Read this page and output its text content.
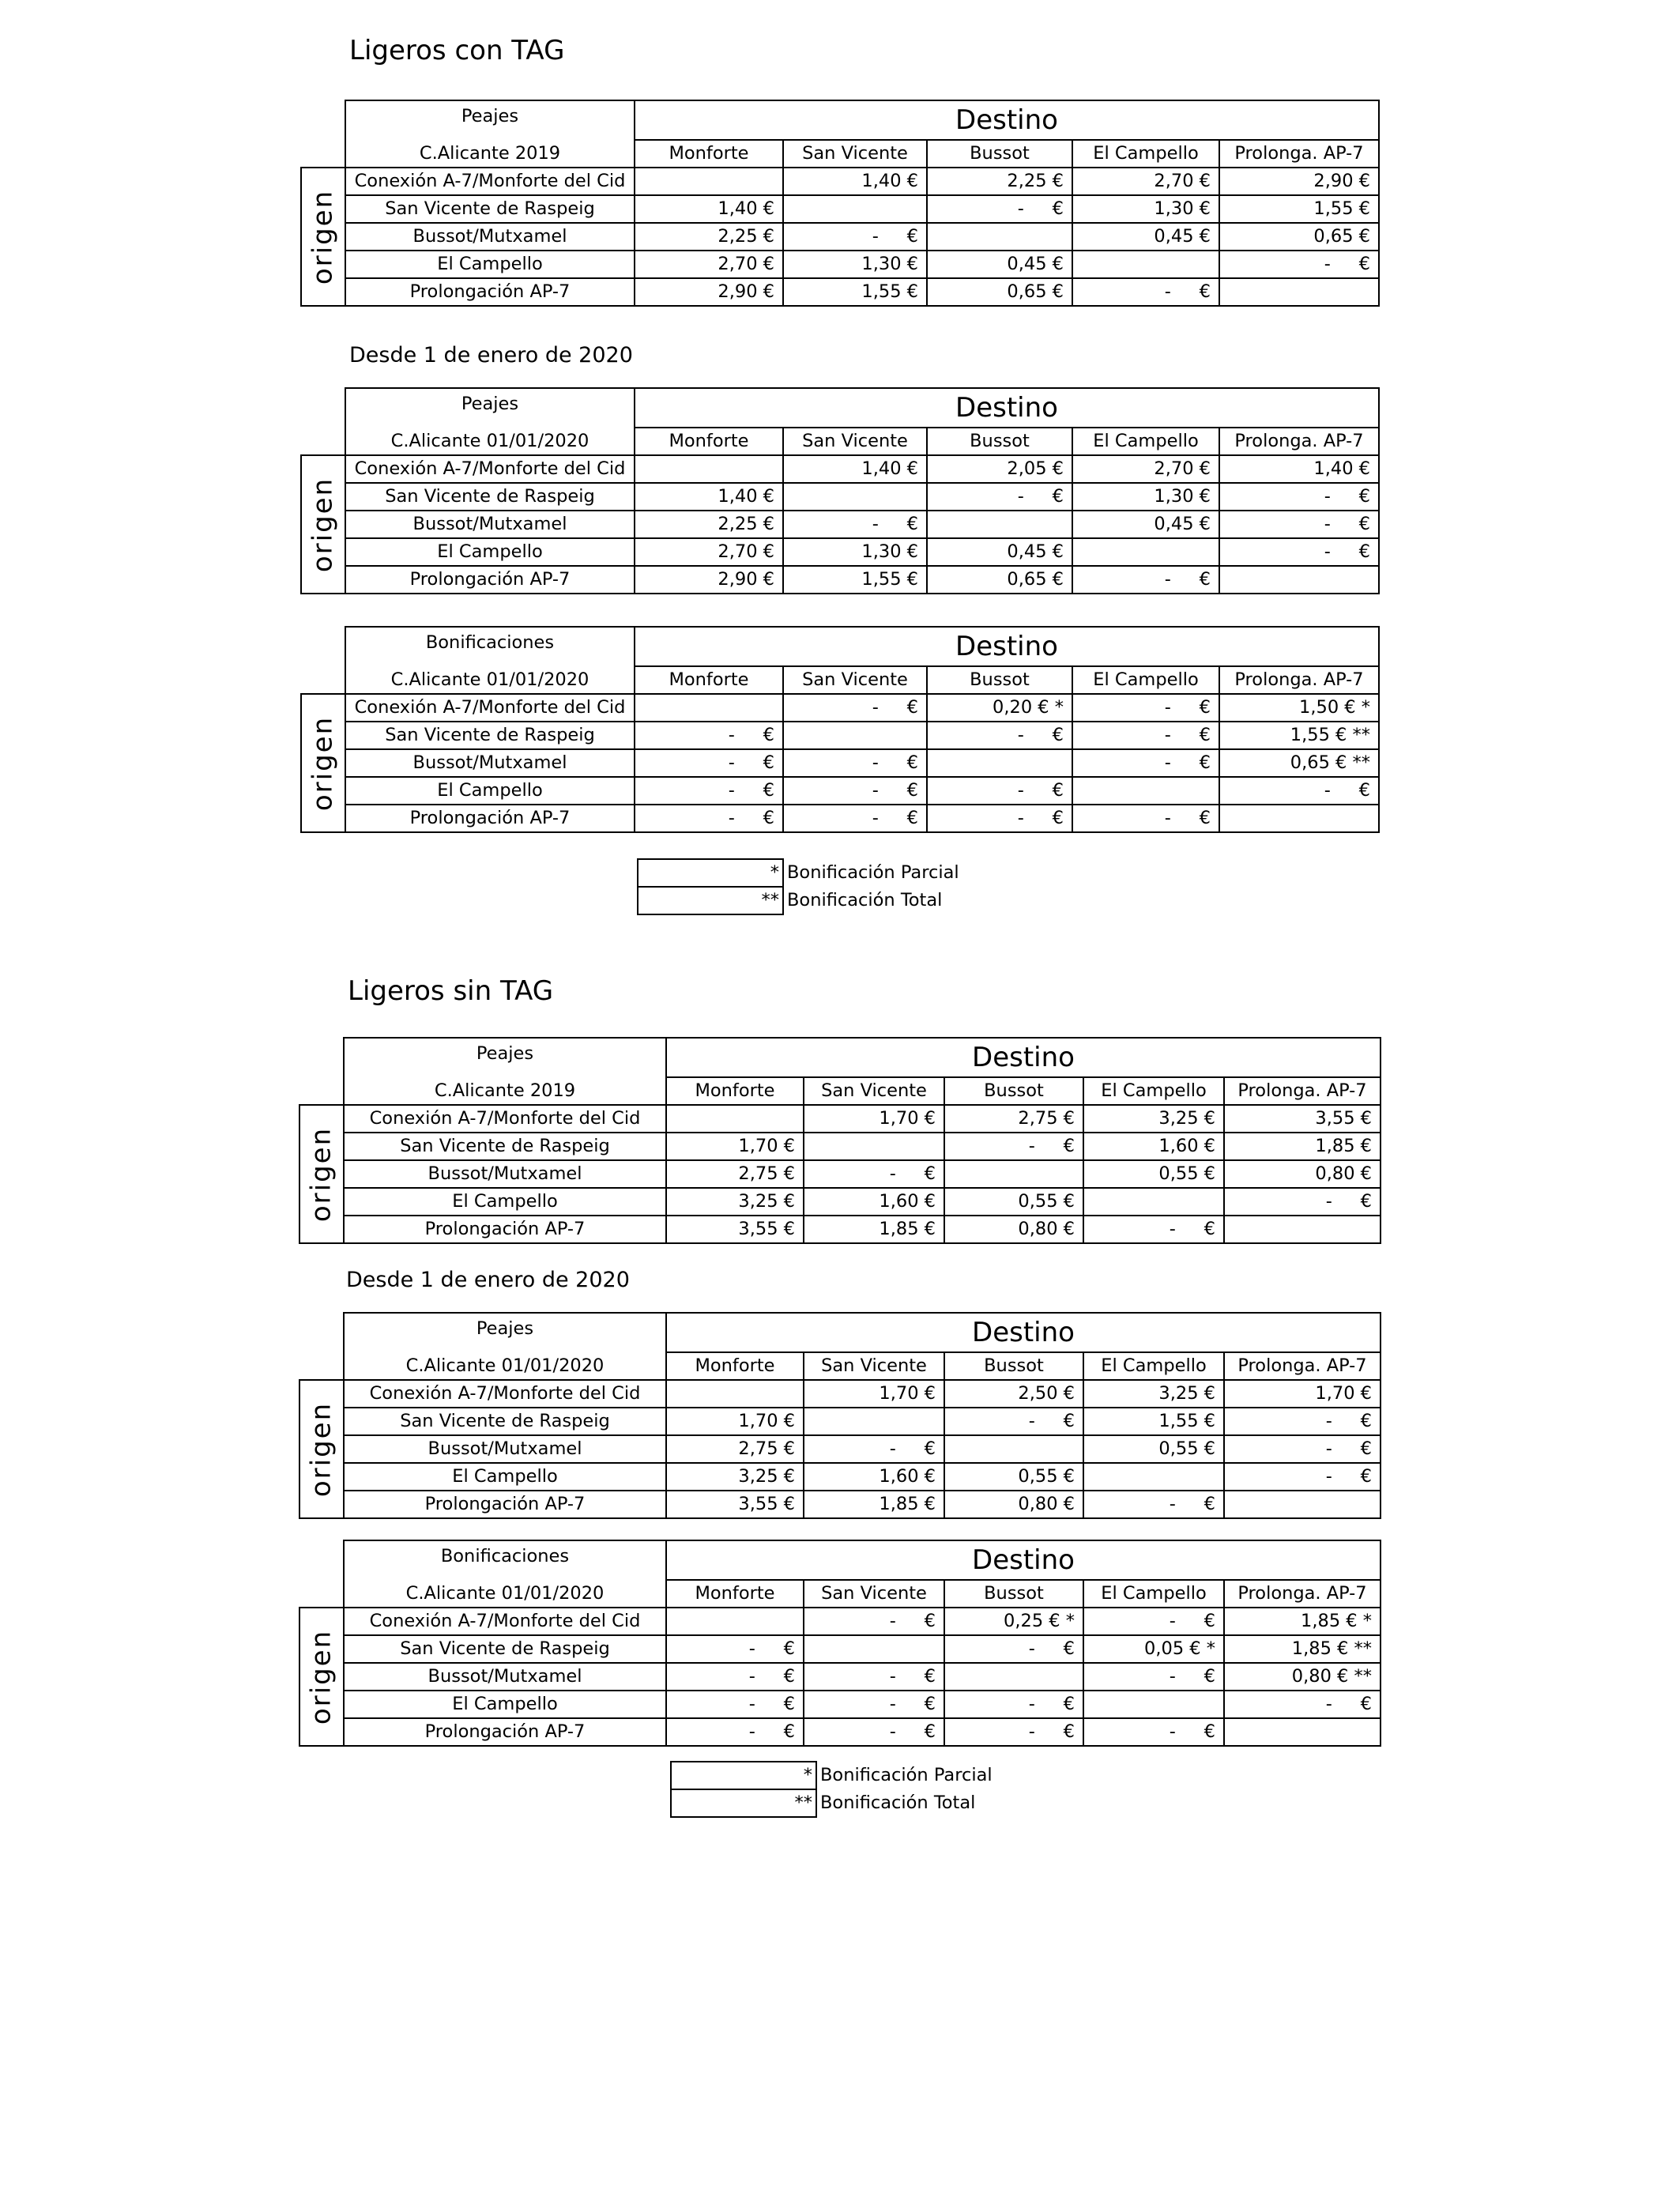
Ligeros con TAG
	Peajes	Destino				
	C.Alicante 2019	Monforte	San Vicente	Bussot	El Campello	Prolonga. AP-7

origen	Conexión A-7/Monforte del Cid		1,40 €	2,25 €	2,70 €	2,90 €
	San Vicente de Raspeig	1,40 €		-     €	1,30 €	1,55 €
	Bussot/Mutxamel	2,25 €	-     €		0,45 €	0,65 €
	El Campello	2,70 €	1,30 €	0,45 €		-     €
	Prolongación AP-7	2,90 €	1,55 €	0,65 €	-     €	
Desde 1 de enero de 2020
	Peajes	Destino				
	C.Alicante 01/01/2020	Monforte	San Vicente	Bussot	El Campello	Prolonga. AP-7

origen	Conexión A-7/Monforte del Cid		1,40 €	2,05 €	2,70 €	1,40 €
	San Vicente de Raspeig	1,40 €		-     €	1,30 €	-     €
	Bussot/Mutxamel	2,25 €	-     €		0,45 €	-     €
	El Campello	2,70 €	1,30 €	0,45 €		-     €
	Prolongación AP-7	2,90 €	1,55 €	0,65 €	-     €	
	Bonificaciones	Destino				
	C.Alicante 01/01/2020	Monforte	San Vicente	Bussot	El Campello	Prolonga. AP-7

origen	Conexión A-7/Monforte del Cid		-     €	0,20 € *	-     €	1,50 € *
	San Vicente de Raspeig	-     €		-     €	-     €	1,55 € **
	Bussot/Mutxamel	-     €	-     €		-     €	0,65 € **
	El Campello	-     €	-     €	-     €		-     €
	Prolongación AP-7	-     €	-     €	-     €	-     €	
*	Bonificación Parcial
**	Bonificación Total
Ligeros sin TAG
	Peajes	Destino				
	C.Alicante 2019	Monforte	San Vicente	Bussot	El Campello	Prolonga. AP-7

origen	Conexión A-7/Monforte del Cid		1,70 €	2,75 €	3,25 €	3,55 €
	San Vicente de Raspeig	1,70 €		-     €	1,60 €	1,85 €
	Bussot/Mutxamel	2,75 €	-     €		0,55 €	0,80 €
	El Campello	3,25 €	1,60 €	0,55 €		-     €
	Prolongación AP-7	3,55 €	1,85 €	0,80 €	-     €	
Desde 1 de enero de 2020
	Peajes	Destino				
	C.Alicante 01/01/2020	Monforte	San Vicente	Bussot	El Campello	Prolonga. AP-7

origen	Conexión A-7/Monforte del Cid		1,70 €	2,50 €	3,25 €	1,70 €
	San Vicente de Raspeig	1,70 €		-     €	1,55 €	-     €
	Bussot/Mutxamel	2,75 €	-     €		0,55 €	-     €
	El Campello	3,25 €	1,60 €	0,55 €		-     €
	Prolongación AP-7	3,55 €	1,85 €	0,80 €	-     €	
	Bonificaciones	Destino				
	C.Alicante 01/01/2020	Monforte	San Vicente	Bussot	El Campello	Prolonga. AP-7

origen	Conexión A-7/Monforte del Cid		-     €	0,25 € *	-     €	1,85 € *
	San Vicente de Raspeig	-     €		-     €	0,05 € *	1,85 € **
	Bussot/Mutxamel	-     €	-     €		-     €	0,80 € **
	El Campello	-     €	-     €	-     €		-     €
	Prolongación AP-7	-     €	-     €	-     €	-     €	
*	Bonificación Parcial
**	Bonificación Total
